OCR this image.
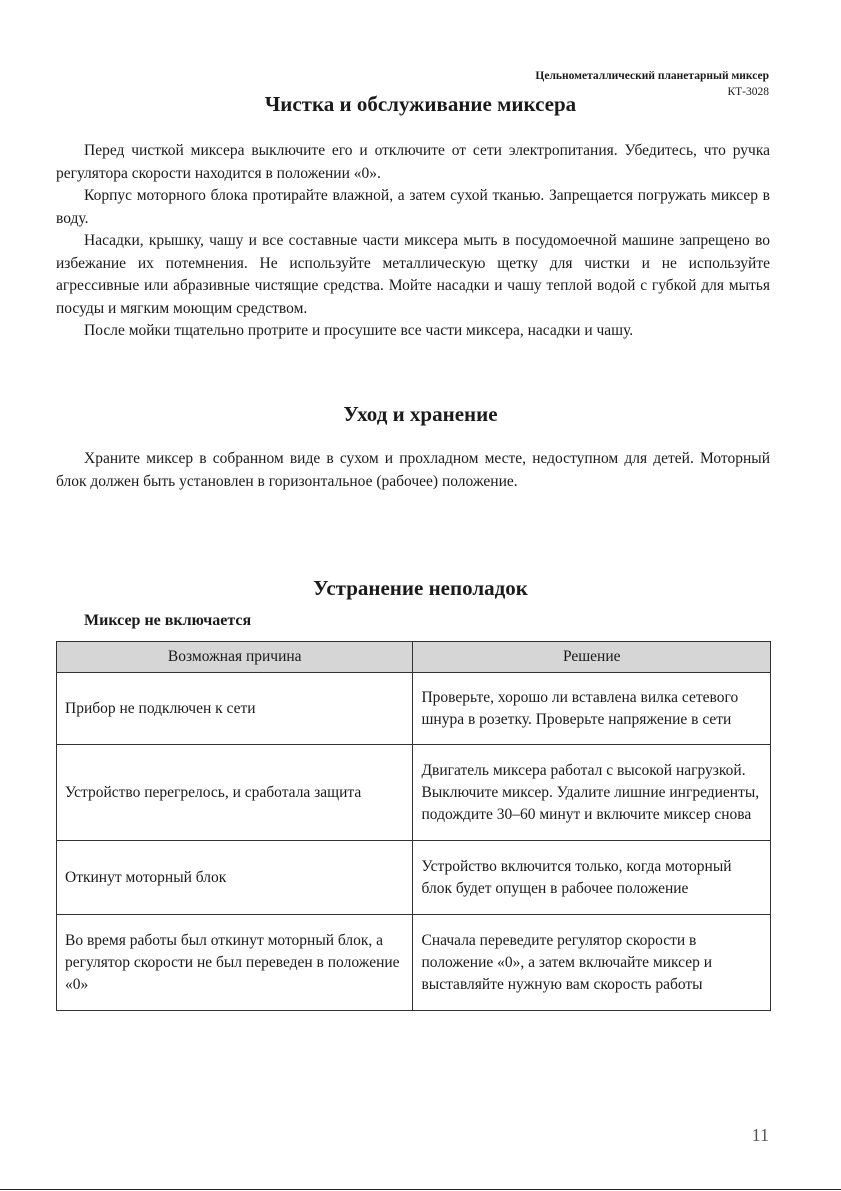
Цельнометаллический планетарный миксер
КТ-3028
Чистка и обслуживание миксера

Перед чисткой миксера выключите его и отключите от сети электропитания. Убедитесь, что ручка регулятора скорости находится в положении «0».

Корпус моторного блока протирайте влажной, а затем сухой тканью. Запрещается погружать миксер в воду.

Насадки, крышку, чашу и все составные части миксера мыть в посудомоечной машине запрещено во избежание их потемнения. Не используйте металлическую щетку для чистки и не используйте агрессивные или абразивные чистящие средства. Мойте насадки и чашу теплой водой с губкой для мытья посуды и мягким моющим средством.

После мойки тщательно протрите и просушите все части миксера, насадки и чашу.

Уход и хранение

Храните миксер в собранном виде в сухом и прохладном месте, недоступном для детей. Моторный блок должен быть установлен в горизонтальное (рабочее) положение.

Устранение неполадок
Миксер не включается
Возможная причина	Решение
Прибор не подключен к сети	Проверьте, хорошо ли вставлена вилка сетевого шнура в розетку. Проверьте напряжение в сети
Устройство перегрелось, и сработала защита	Двигатель миксера работал с высокой нагрузкой. Выключите миксер. Удалите лишние ингредиенты, подождите 30–60 минут и включите миксер снова
Откинут моторный блок	Устройство включится только, когда моторный блок будет опущен в рабочее положение
Во время работы был откинут моторный блок, а регулятор скорости не был переведен в положение «0»	Сначала переведите регулятор скорости в положение «0», а затем включайте миксер и выставляйте нужную вам скорость работы
11
